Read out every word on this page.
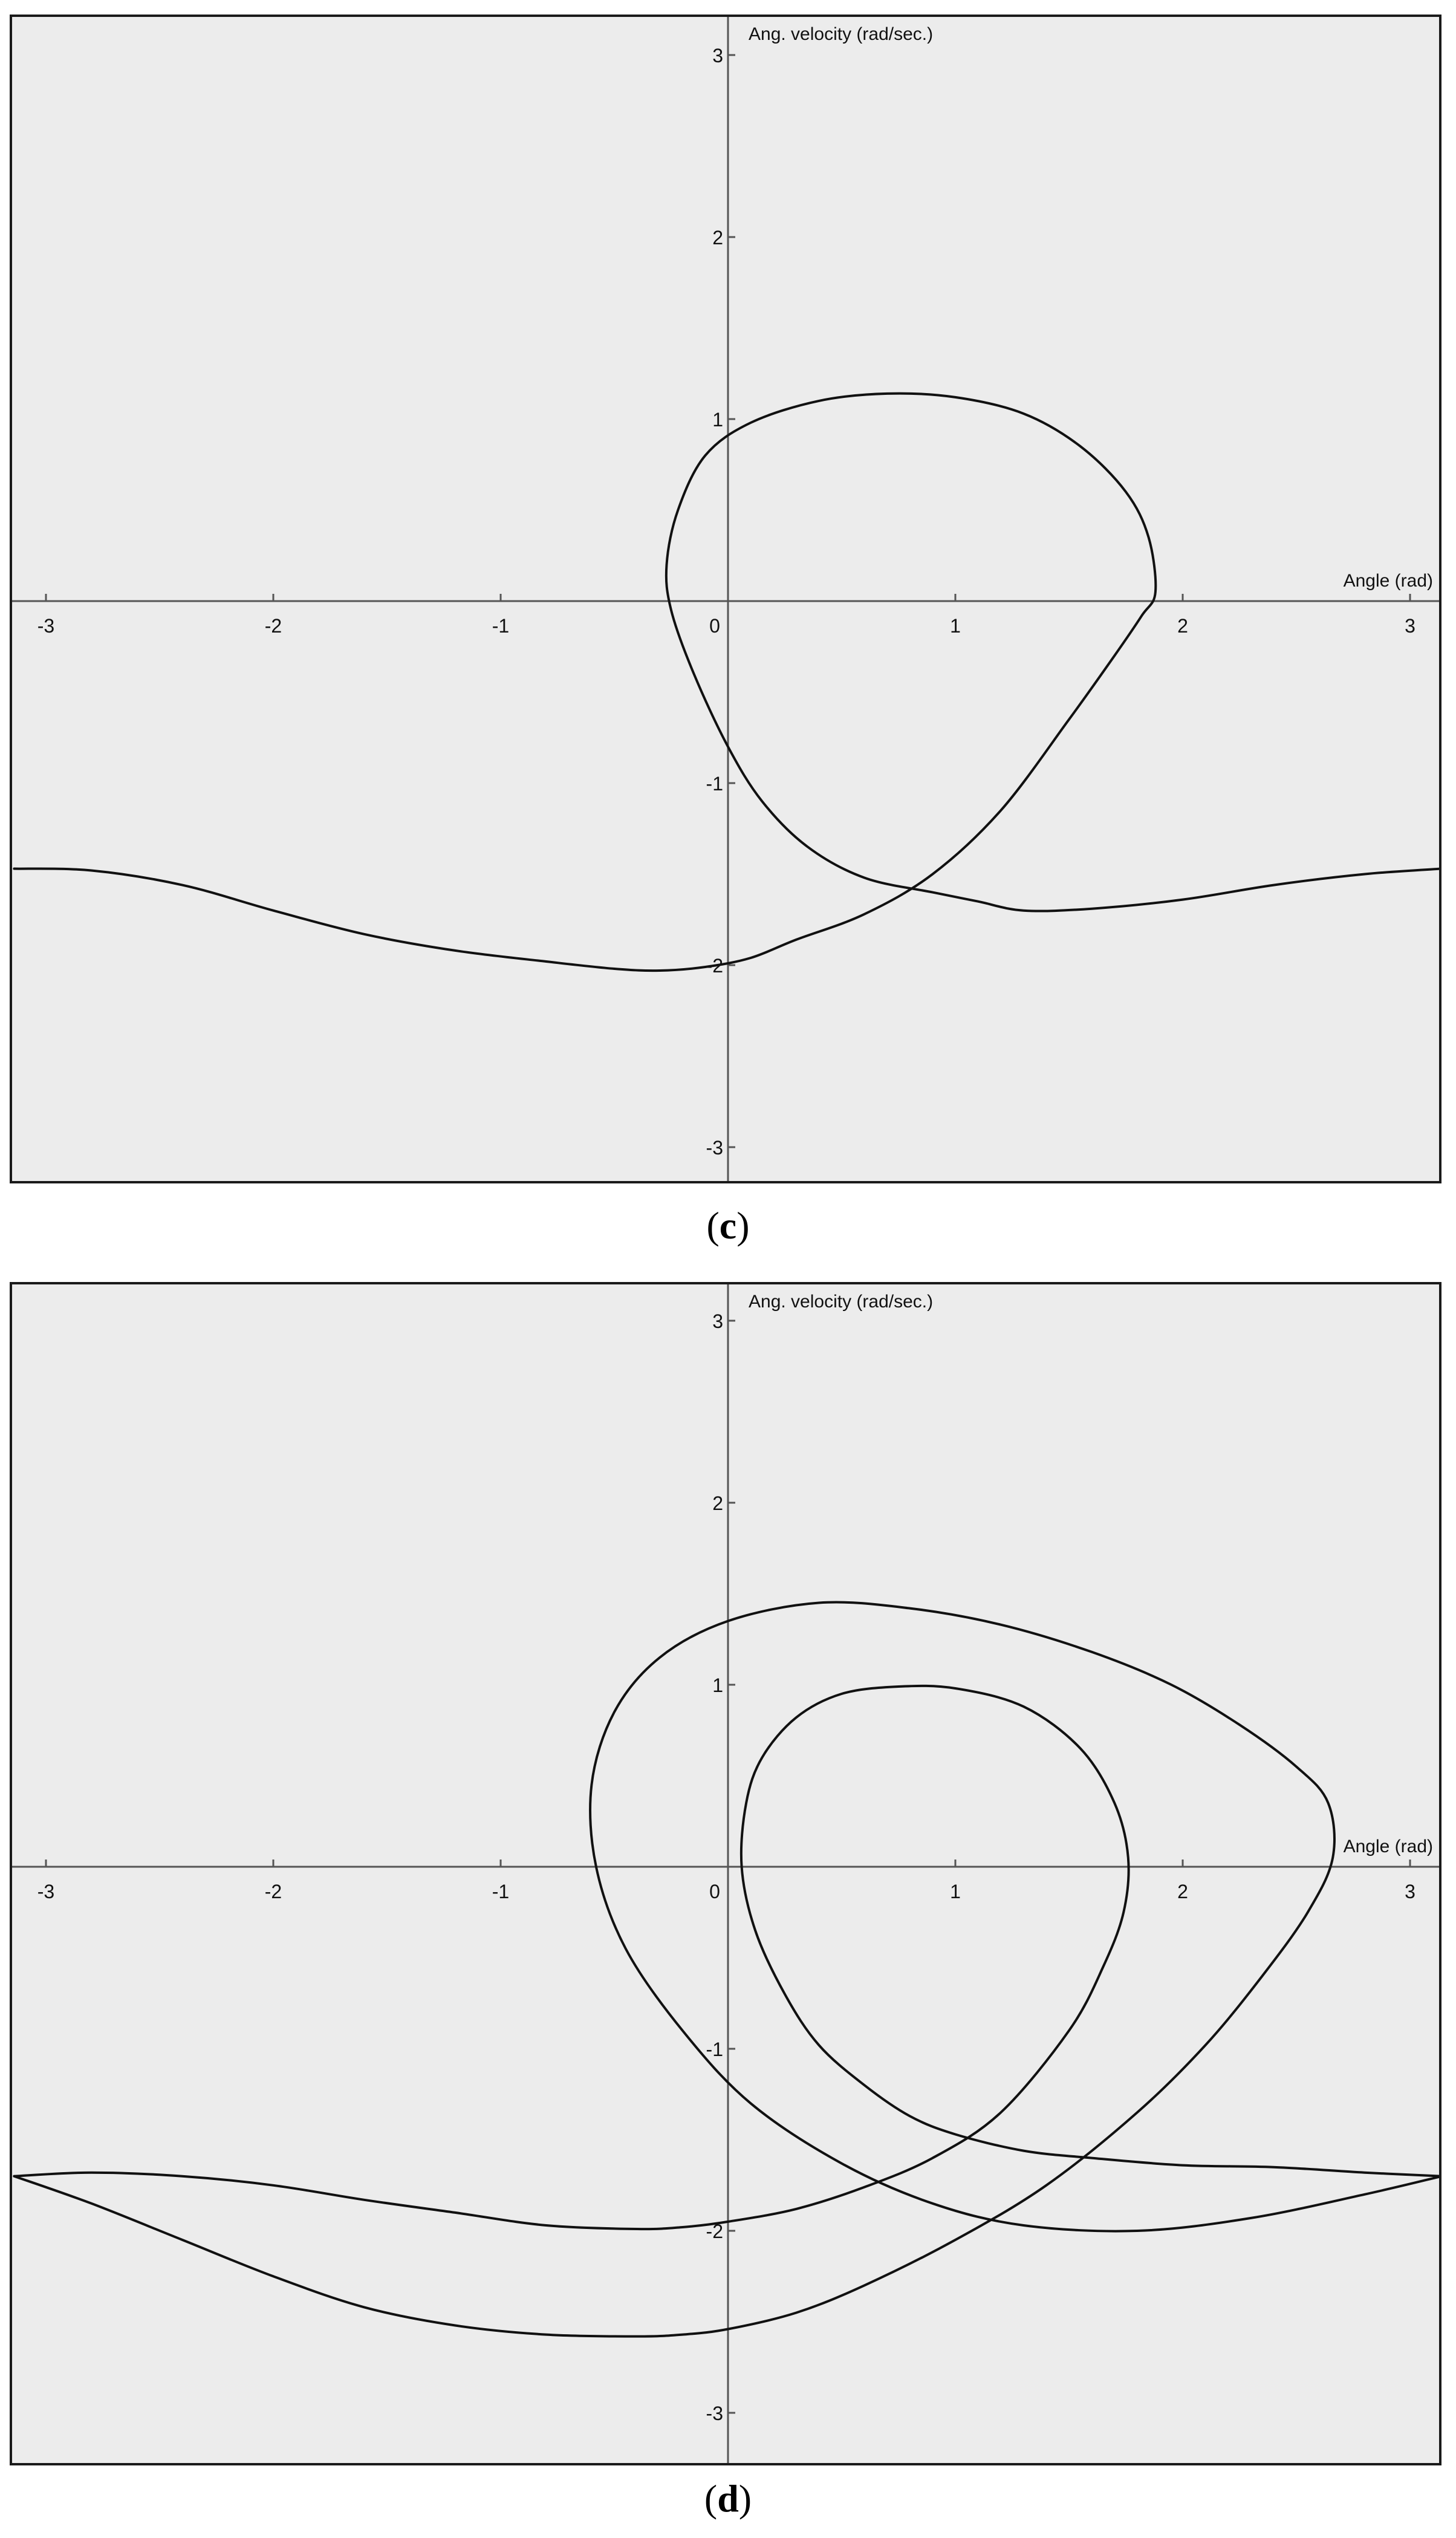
-3	-2	-1	0	1	2	3
-3
-2
-1
1
2
3
Angle (rad)
Ang. velocity (rad/sec.)
(c)
-3	-2	-1	0	1	2	3
-3
-2
-1
1
2
3
Angle (rad)
Ang. velocity (rad/sec.)
(d)
